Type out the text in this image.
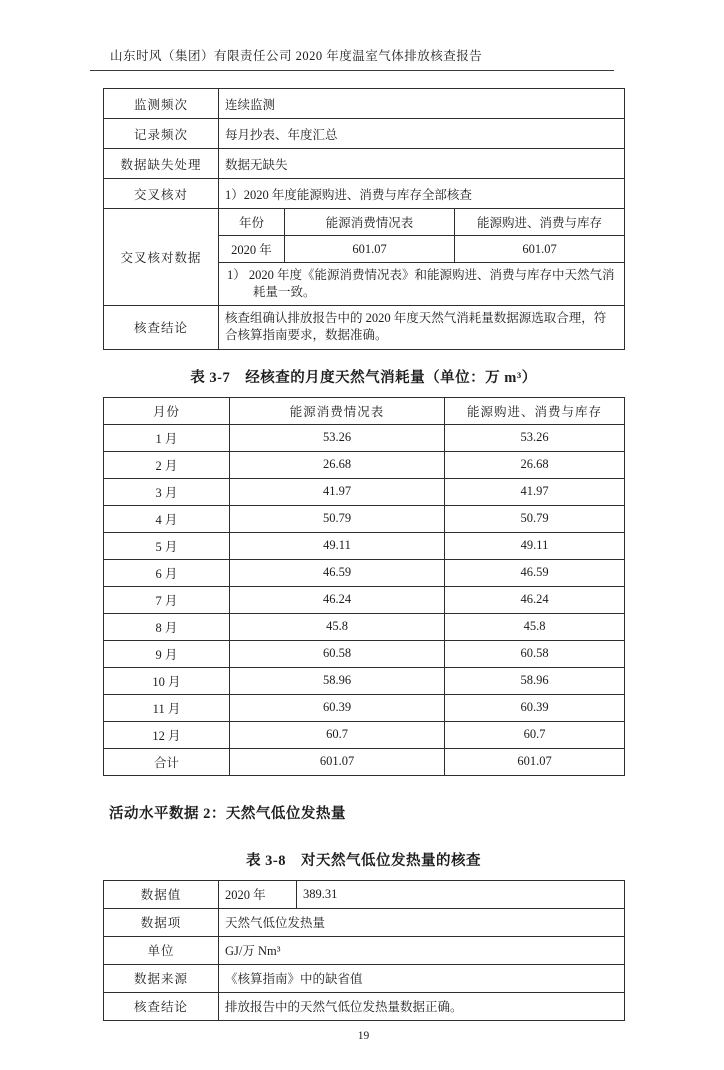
山东时风（集团）有限责任公司 2020 年度温室气体排放核查报告
监测频次	连续监测		
记录频次	每月抄表、年度汇总		
数据缺失处理	数据无缺失		
交叉核对	1）2020 年度能源购进、消费与库存全部核查		
交叉核对数据	年份	能源消费情况表	能源购进、消费与库存
	2020 年	601.07	601.07
	1） 2020 年度《能源消费情况表》和能源购进、消费与库存中天然气消耗量一致。		
核查结论	核查组确认排放报告中的 2020 年度天然气消耗量数据源选取合理，符合核算指南要求，数据准确。		
表 3-7　经核查的月度天然气消耗量（单位：万 m³）
月份	能源消费情况表	能源购进、消费与库存
1 月	53.26	53.26
2 月	26.68	26.68
3 月	41.97	41.97
4 月	50.79	50.79
5 月	49.11	49.11
6 月	46.59	46.59
7 月	46.24	46.24
8 月	45.8	45.8
9 月	60.58	60.58
10 月	58.96	58.96
11 月	60.39	60.39
12 月	60.7	60.7
合计	601.07	601.07
活动水平数据 2：天然气低位发热量
表 3-8　对天然气低位发热量的核查
数据值	2020 年	389.31
数据项	天然气低位发热量	
单位	GJ/万 Nm³	
数据来源	《核算指南》中的缺省值	
核查结论	排放报告中的天然气低位发热量数据正确。	
19
